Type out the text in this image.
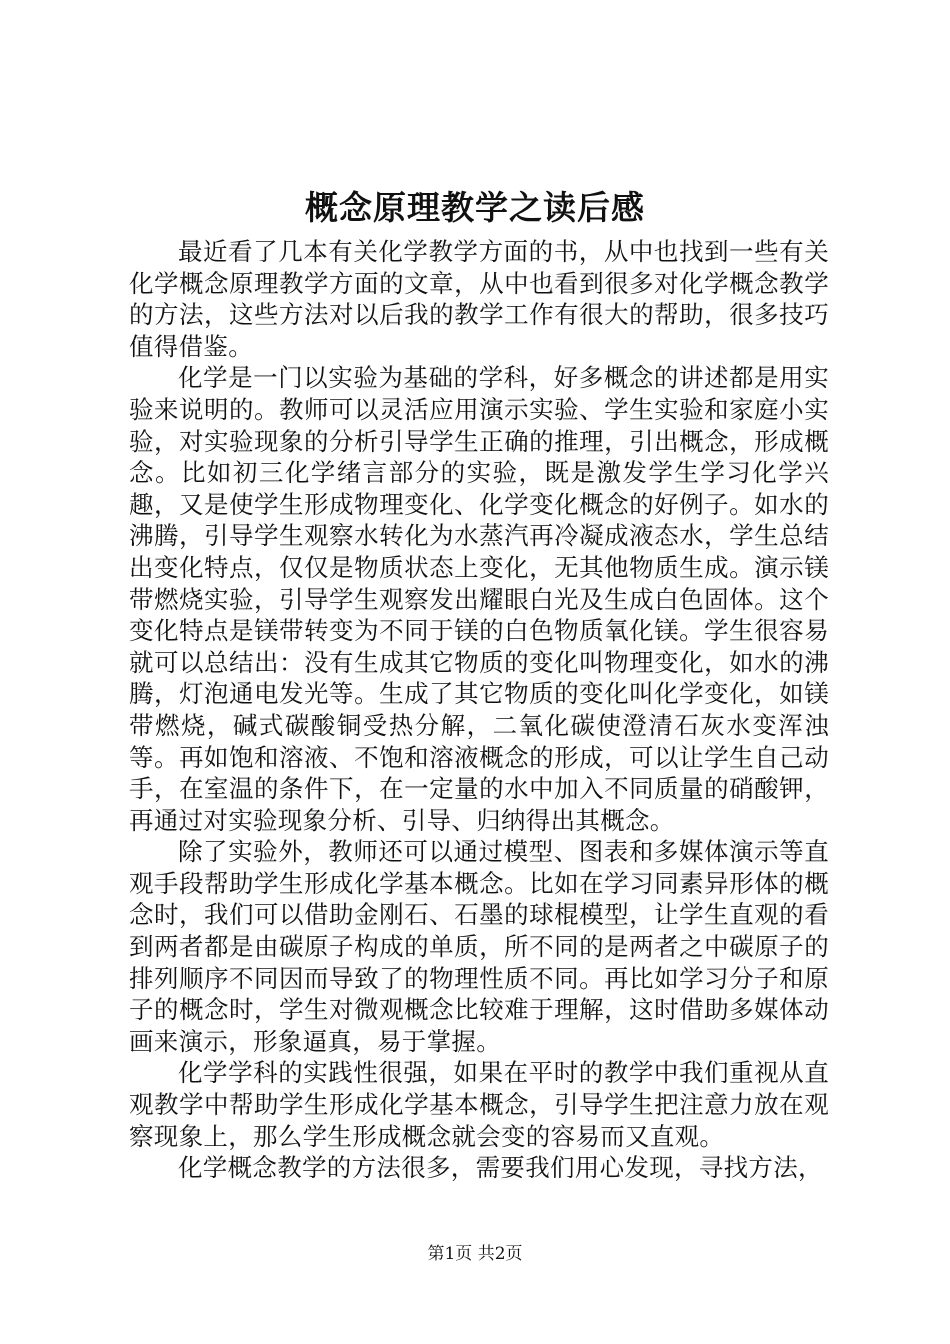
概念原理教学之读后感

最近看了几本有关化学教学方面的书，从中也找到一些有关化学概念原理教学方面的文章，从中也看到很多对化学概念教学的方法，这些方法对以后我的教学工作有很大的帮助，很多技巧值得借鉴。

化学是一门以实验为基础的学科，好多概念的讲述都是用实验来说明的。教师可以灵活应用演示实验、学生实验和家庭小实验，对实验现象的分析引导学生正确的推理，引出概念，形成概念。比如初三化学绪言部分的实验，既是激发学生学习化学兴趣，又是使学生形成物理变化、化学变化概念的好例子。如水的沸腾，引导学生观察水转化为水蒸汽再冷凝成液态水，学生总结出变化特点，仅仅是物质状态上变化，无其他物质生成。演示镁带燃烧实验，引导学生观察发出耀眼白光及生成白色固体。这个变化特点是镁带转变为不同于镁的白色物质氧化镁。学生很容易就可以总结出：没有生成其它物质的变化叫物理变化，如水的沸腾，灯泡通电发光等。生成了其它物质的变化叫化学变化，如镁带燃烧，碱式碳酸铜受热分解，二氧化碳使澄清石灰水变浑浊等。再如饱和溶液、不饱和溶液概念的形成，可以让学生自己动手，在室温的条件下，在一定量的水中加入不同质量的硝酸钾，再通过对实验现象分析、引导、归纳得出其概念。

除了实验外，教师还可以通过模型、图表和多媒体演示等直观手段帮助学生形成化学基本概念。比如在学习同素异形体的概念时，我们可以借助金刚石、石墨的球棍模型，让学生直观的看到两者都是由碳原子构成的单质，所不同的是两者之中碳原子的排列顺序不同因而导致了的物理性质不同。再比如学习分子和原子的概念时，学生对微观概念比较难于理解，这时借助多媒体动画来演示，形象逼真，易于掌握。

化学学科的实践性很强，如果在平时的教学中我们重视从直观教学中帮助学生形成化学基本概念，引导学生把注意力放在观察现象上，那么学生形成概念就会变的容易而又直观。

化学概念教学的方法很多，需要我们用心发现，寻找方法，

第1页 共2页
